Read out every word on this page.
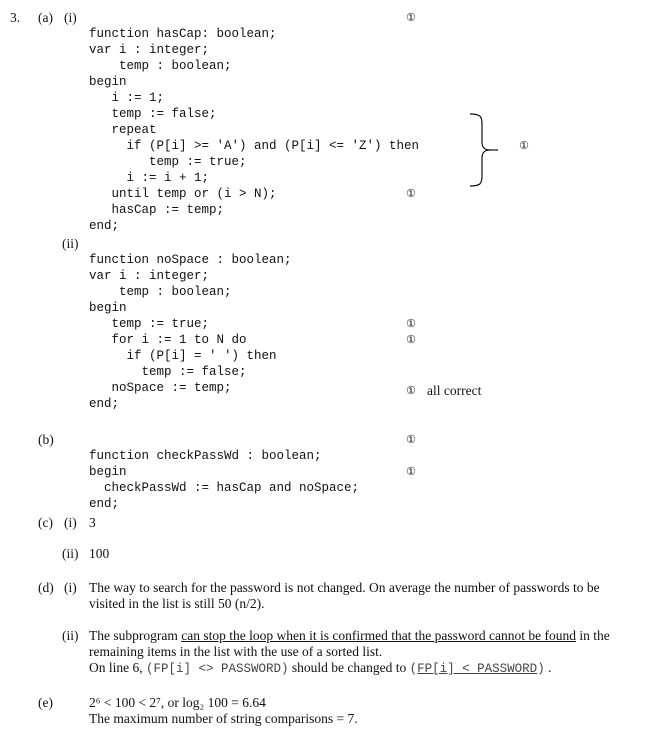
3. (a) (i)

function hasCap: boolean;
var i : integer;
temp : boolean;
begin
i := 1;
temp := false;
repeat
if (P[i] >= 'A') and (P[i] <= 'Z') then
temp := true;
i := i + 1;
until temp or (i > N);
hasCap := temp;
end;

①
①
①
(ii)

function noSpace : boolean;
var i : integer;
temp : boolean;
begin
temp := true;
for i := 1 to N do
if (P[i] = ' ') then
temp := false;
noSpace := temp;
end;

①
①
① all correct
(b)

function checkPassWd : boolean;
begin
checkPassWd := hasCap and noSpace;
end;

①
①
(c) (i) 3
(ii) 100
(d) (i) The way to search for the password is not changed. On average the number of passwords to be
visited in the list is still 50 (n/2).
(ii) The subprogram can stop the loop when it is confirmed that the password cannot be found in the
remaining items in the list with the use of a sorted list.
On line 6, (FP[i] <> PASSWORD) should be changed to (FP[i] < PASSWORD) .
(e)	2⁶ < 100 < 2⁷, or log₂ 100 = 6.64
The maximum number of string comparisons = 7.
